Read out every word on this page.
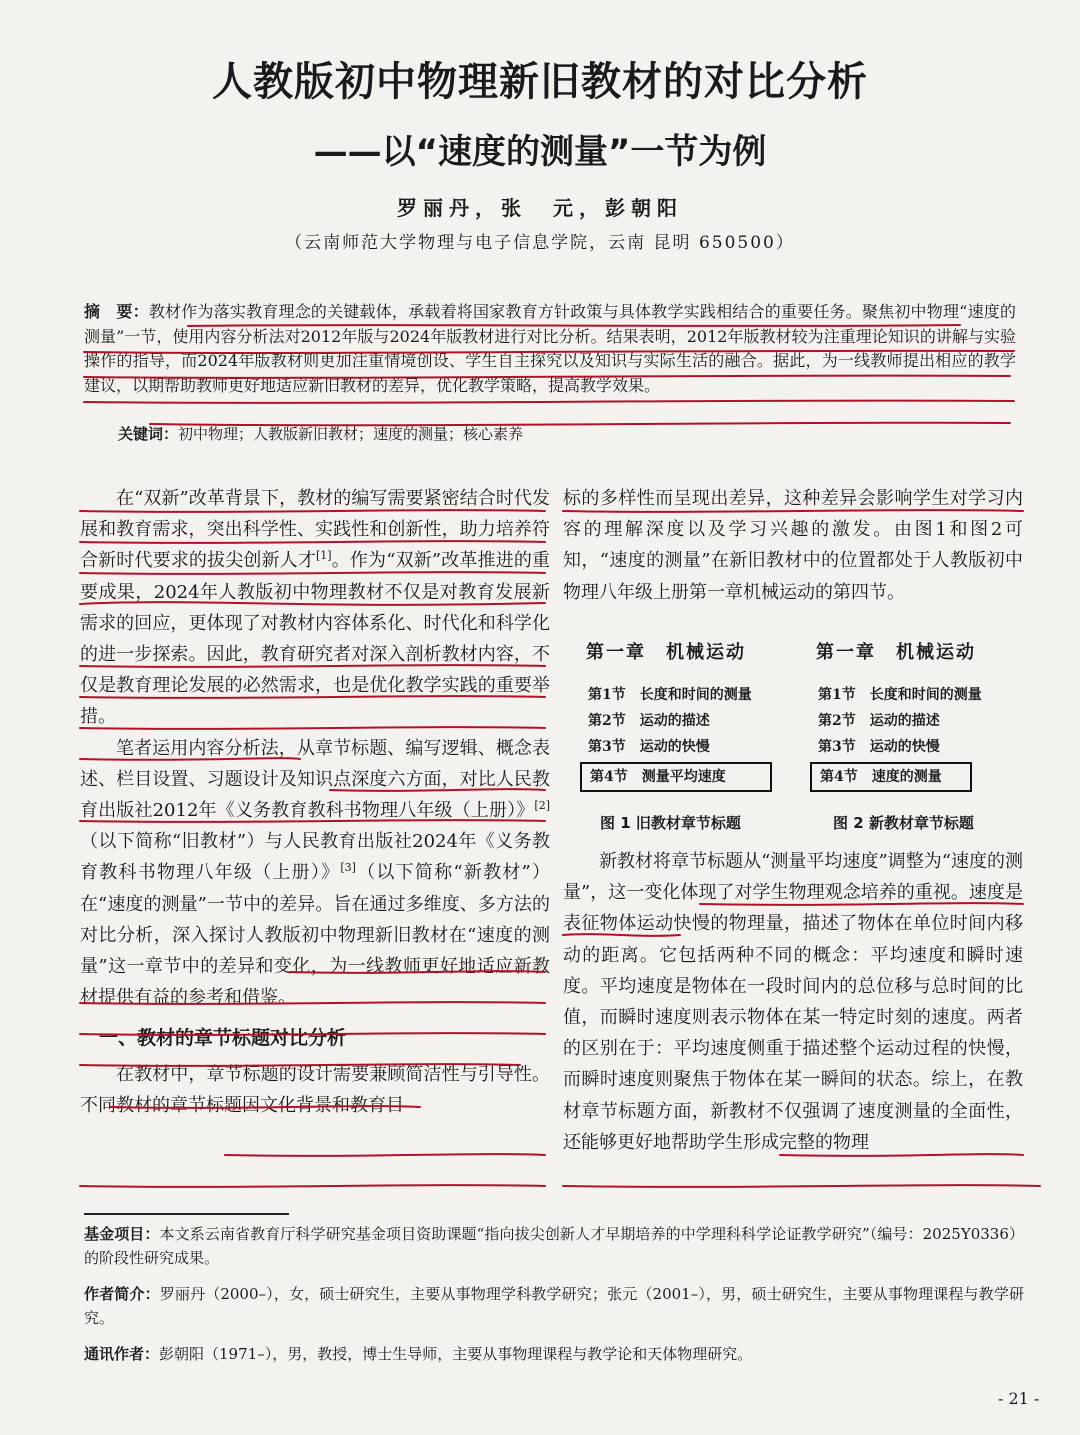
人教版初中物理新旧教材的对比分析
——以“速度的测量”一节为例
罗丽丹，张　元，彭朝阳
（云南师范大学物理与电子信息学院，云南 昆明 650500）
摘　要：教材作为落实教育理念的关键载体，承载着将国家教育方针政策与具体教学实践相结合的重要任务。聚焦初中物理“速度的测量”一节，使用内容分析法对2012年版与2024年版教材进行对比分析。结果表明，2012年版教材较为注重理论知识的讲解与实验操作的指导，而2024年版教材则更加注重情境创设、学生自主探究以及知识与实际生活的融合。据此，为一线教师提出相应的教学建议，以期帮助教师更好地适应新旧教材的差异，优化教学策略，提高教学效果。
关键词：初中物理；人教版新旧教材；速度的测量；核心素养

在“双新”改革背景下，教材的编写需要紧密结合时代发展和教育需求，突出科学性、实践性和创新性，助力培养符合新时代要求的拔尖创新人才[1]。作为“双新”改革推进的重要成果，2024年人教版初中物理教材不仅是对教育发展新需求的回应，更体现了对教材内容体系化、时代化和科学化的进一步探索。因此，教育研究者对深入剖析教材内容，不仅是教育理论发展的必然需求，也是优化教学实践的重要举措。

笔者运用内容分析法，从章节标题、编写逻辑、概念表述、栏目设置、习题设计及知识点深度六方面，对比人民教育出版社2012年《义务教育教科书物理八年级（上册）》[2]（以下简称“旧教材”）与人民教育出版社2024年《义务教育教科书物理八年级（上册）》[3]（以下简称“新教材”）在“速度的测量”一节中的差异。旨在通过多维度、多方法的对比分析，深入探讨人教版初中物理新旧教材在“速度的测量”这一章节中的差异和变化，为一线教师更好地适应新教材提供有益的参考和借鉴。

一、教材的章节标题对比分析

在教材中，章节标题的设计需要兼顾简洁性与引导性。不同教材的章节标题因文化背景和教育目

标的多样性而呈现出差异，这种差异会影响学生对学习内容的理解深度以及学习兴趣的激发。由图1和图2可知，“速度的测量”在新旧教材中的位置都处于人教版初中物理八年级上册第一章机械运动的第四节。

第一章　机械运动
第1节　长度和时间的测量
第2节　运动的描述
第3节　运动的快慢
第4节　测量平均速度
第一章　机械运动
第1节　长度和时间的测量
第2节　运动的描述
第3节　运动的快慢
第4节　速度的测量
图 1 旧教材章节标题	图 2 新教材章节标题

新教材将章节标题从“测量平均速度”调整为“速度的测量”，这一变化体现了对学生物理观念培养的重视。速度是表征物体运动快慢的物理量，描述了物体在单位时间内移动的距离。它包括两种不同的概念：平均速度和瞬时速度。平均速度是物体在一段时间内的总位移与总时间的比值，而瞬时速度则表示物体在某一特定时刻的速度。两者的区别在于：平均速度侧重于描述整个运动过程的快慢，而瞬时速度则聚焦于物体在某一瞬间的状态。综上，在教材章节标题方面，新教材不仅强调了速度测量的全面性，还能够更好地帮助学生形成完整的物理

基金项目：本文系云南省教育厅科学研究基金项目资助课题“指向拔尖创新人才早期培养的中学理科科学论证教学研究”（编号：2025Y0336）的阶段性研究成果。
作者简介：罗丽丹（2000–），女，硕士研究生，主要从事物理学科教学研究；张元（2001–），男，硕士研究生，主要从事物理课程与教学研究。
通讯作者：彭朝阳（1971–），男，教授，博士生导师，主要从事物理课程与教学论和天体物理研究。
- 21 -
